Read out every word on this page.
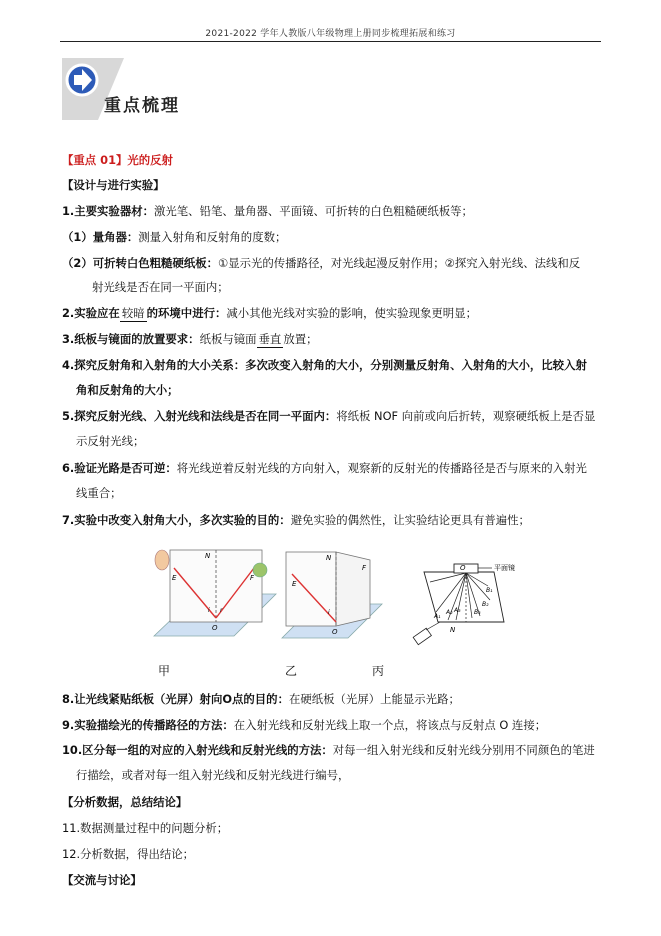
2021-2022 学年人教版八年级物理上册同步梳理拓展和练习
重点梳理
【重点 01】光的反射
【设计与进行实验】
1.主要实验器材：激光笔、铅笔、量角器、平面镜、可折转的白色粗糙硬纸板等；
（1）量角器：测量入射角和反射角的度数；
（2）可折转白色粗糙硬纸板：①显示光的传播路径，对光线起漫反射作用；②探究入射光线、法线和反
射光线是否在同一平面内；
2.实验应在 较暗 的环境中进行：减小其他光线对实验的影响，使实验现象更明显；
3.纸板与镜面的放置要求：纸板与镜面 垂直 放置；
4.探究反射角和入射角的大小关系：多次改变入射角的大小，分别测量反射角、入射角的大小，比较入射
角和反射角的大小；
5.探究反射光线、入射光线和法线是否在同一平面内：将纸板 NOF 向前或向后折转，观察硬纸板上是否显
示反射光线；
6.验证光路是否可逆：将光线逆着反射光线的方向射入，观察新的反射光的传播路径是否与原来的入射光
线重合；
7.实验中改变入射角大小，多次实验的目的：避免实验的偶然性，让实验结论更具有普遍性；
N
E	F
i r
O
甲
N
E
F
i
O
乙
平面镜
O
A₁
A₂ A₃
B₁
B₂
B₃
N
丙
8.让光线紧贴纸板（光屏）射向O点的目的：在硬纸板（光屏）上能显示光路；
9.实验描绘光的传播路径的方法：在入射光线和反射光线上取一个点，将该点与反射点 O 连接；
10.区分每一组的对应的入射光线和反射光线的方法：对每一组入射光线和反射光线分别用不同颜色的笔进
行描绘，或者对每一组入射光线和反射光线进行编号，
【分析数据，总结结论】
11.数据测量过程中的问题分析；
12.分析数据，得出结论；
【交流与讨论】
